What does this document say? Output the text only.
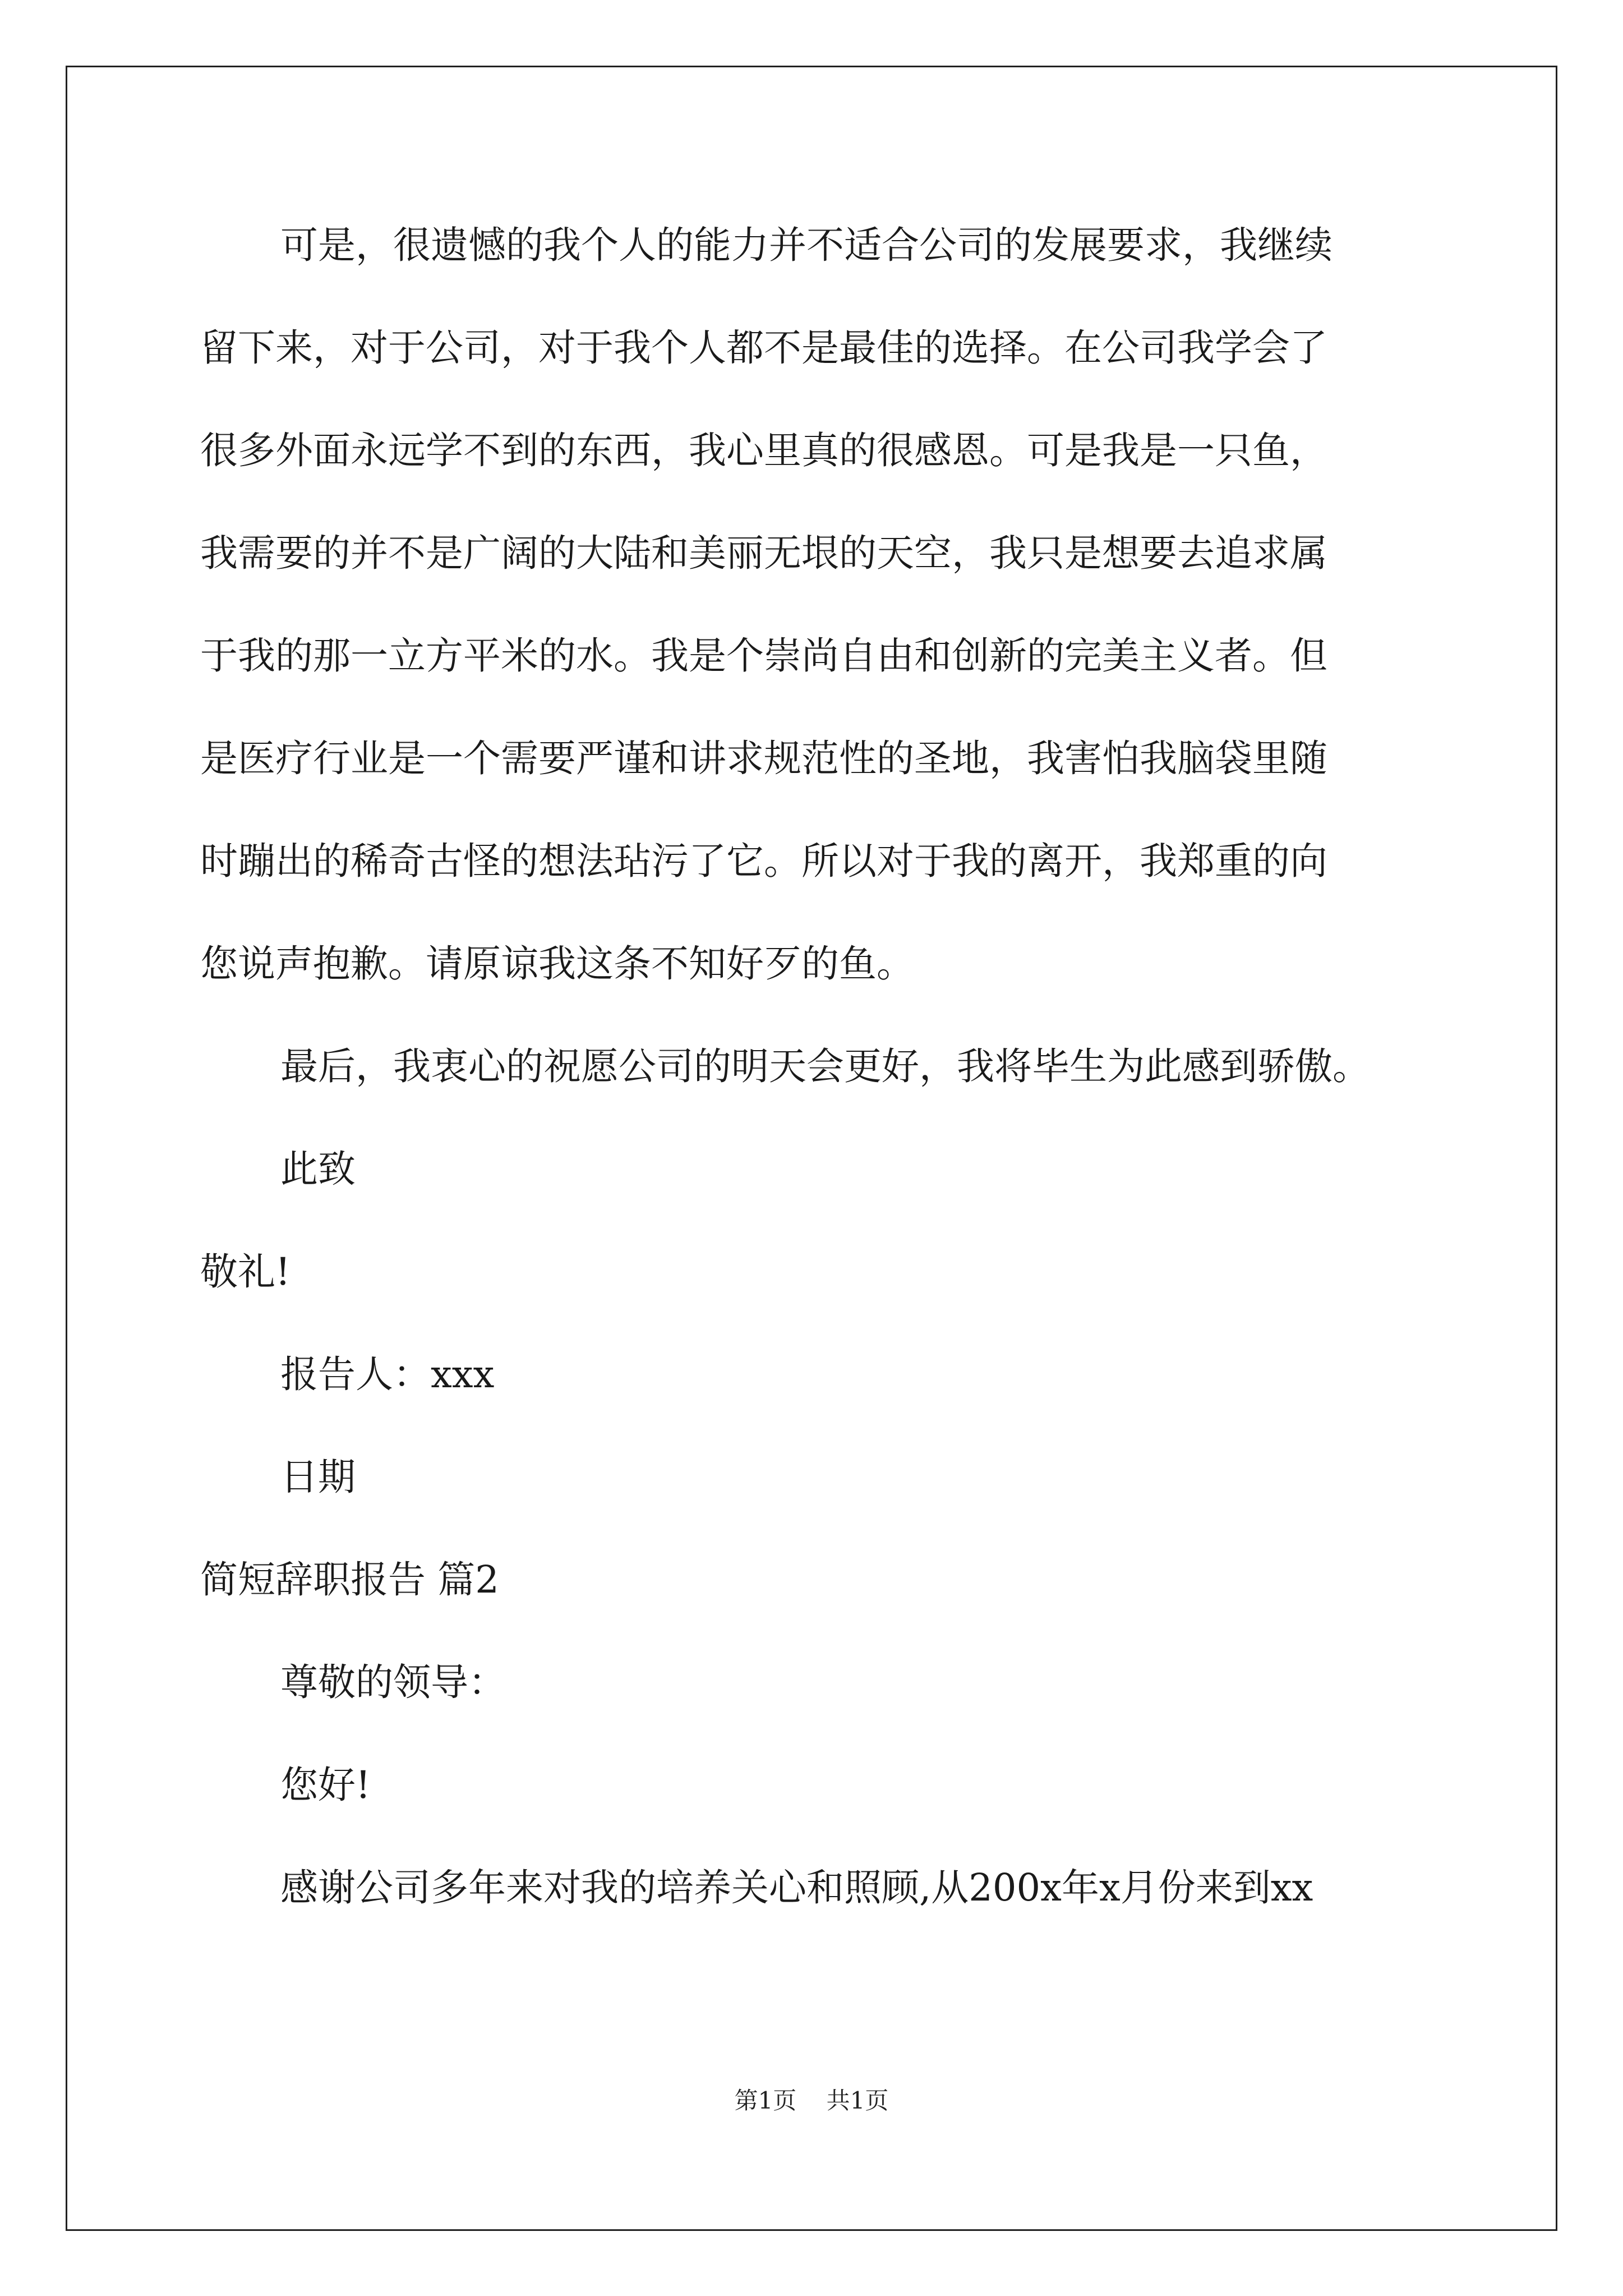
可是，很遗憾的我个人的能力并不适合公司的发展要求，我继续
留下来，对于公司，对于我个人都不是最佳的选择。在公司我学会了
很多外面永远学不到的东西，我心里真的很感恩。可是我是一只鱼，
我需要的并不是广阔的大陆和美丽无垠的天空，我只是想要去追求属
于我的那一立方平米的水。我是个崇尚自由和创新的完美主义者。但
是医疗行业是一个需要严谨和讲求规范性的圣地，我害怕我脑袋里随
时蹦出的稀奇古怪的想法玷污了它。所以对于我的离开，我郑重的向
您说声抱歉。请原谅我这条不知好歹的鱼。
最后，我衷心的祝愿公司的明天会更好，我将毕生为此感到骄傲。
此致
敬礼!
报告人：xxx
日期
简短辞职报告 篇2
尊敬的领导：
您好!
感谢公司多年来对我的培养关心和照顾,从200x年x月份来到xx
第1页 共1页
